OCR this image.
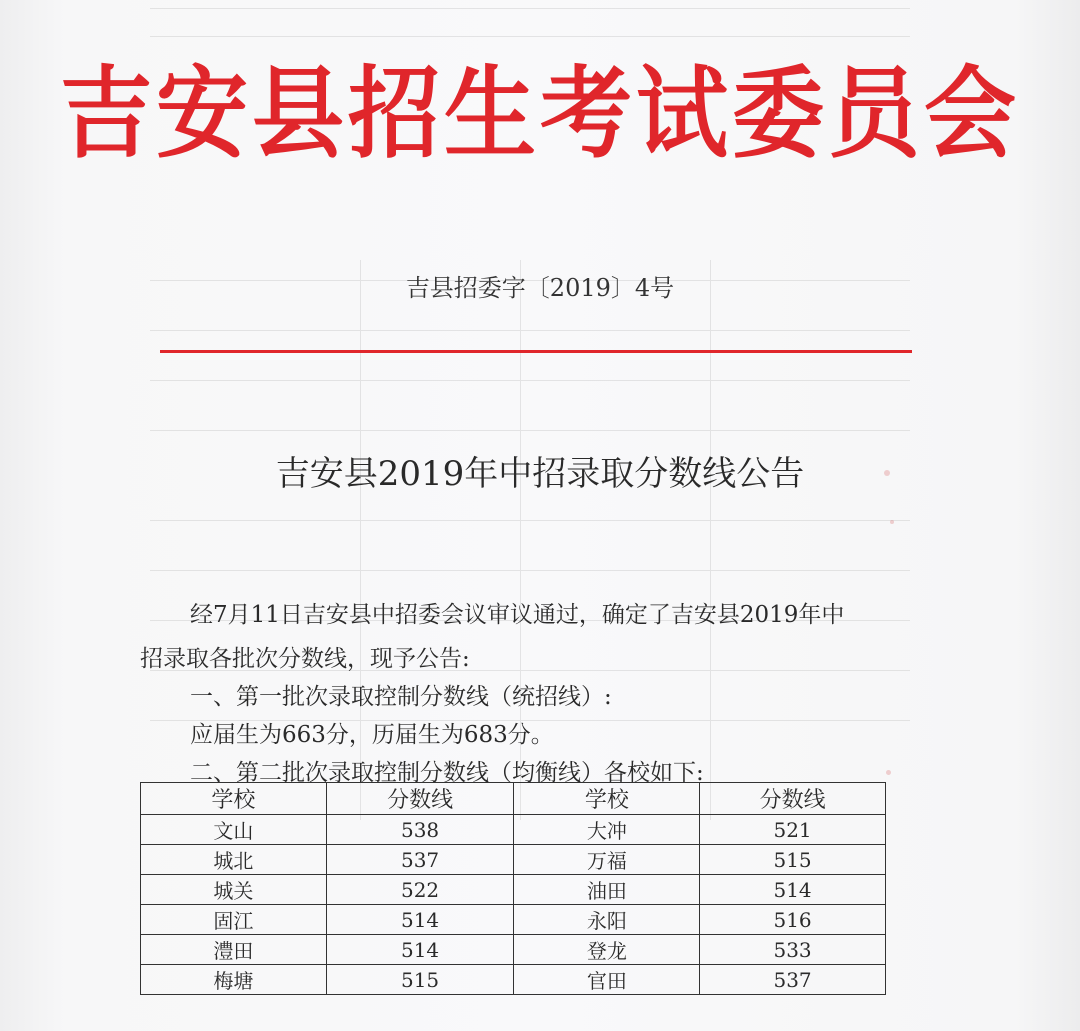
吉安县招生考试委员会
吉县招委字〔2019〕4号
吉安县2019年中招录取分数线公告
经7月11日吉安县中招委会议审议通过，确定了吉安县2019年中
招录取各批次分数线，现予公告:
一、第一批次录取控制分数线（统招线）:
应届生为663分，历届生为683分。
二、第二批次录取控制分数线（均衡线）各校如下:
学校	分数线	学校	分数线
文山	538	大冲	521
城北	537	万福	515
城关	522	油田	514
固江	514	永阳	516
澧田	514	登龙	533
梅塘	515	官田	537
